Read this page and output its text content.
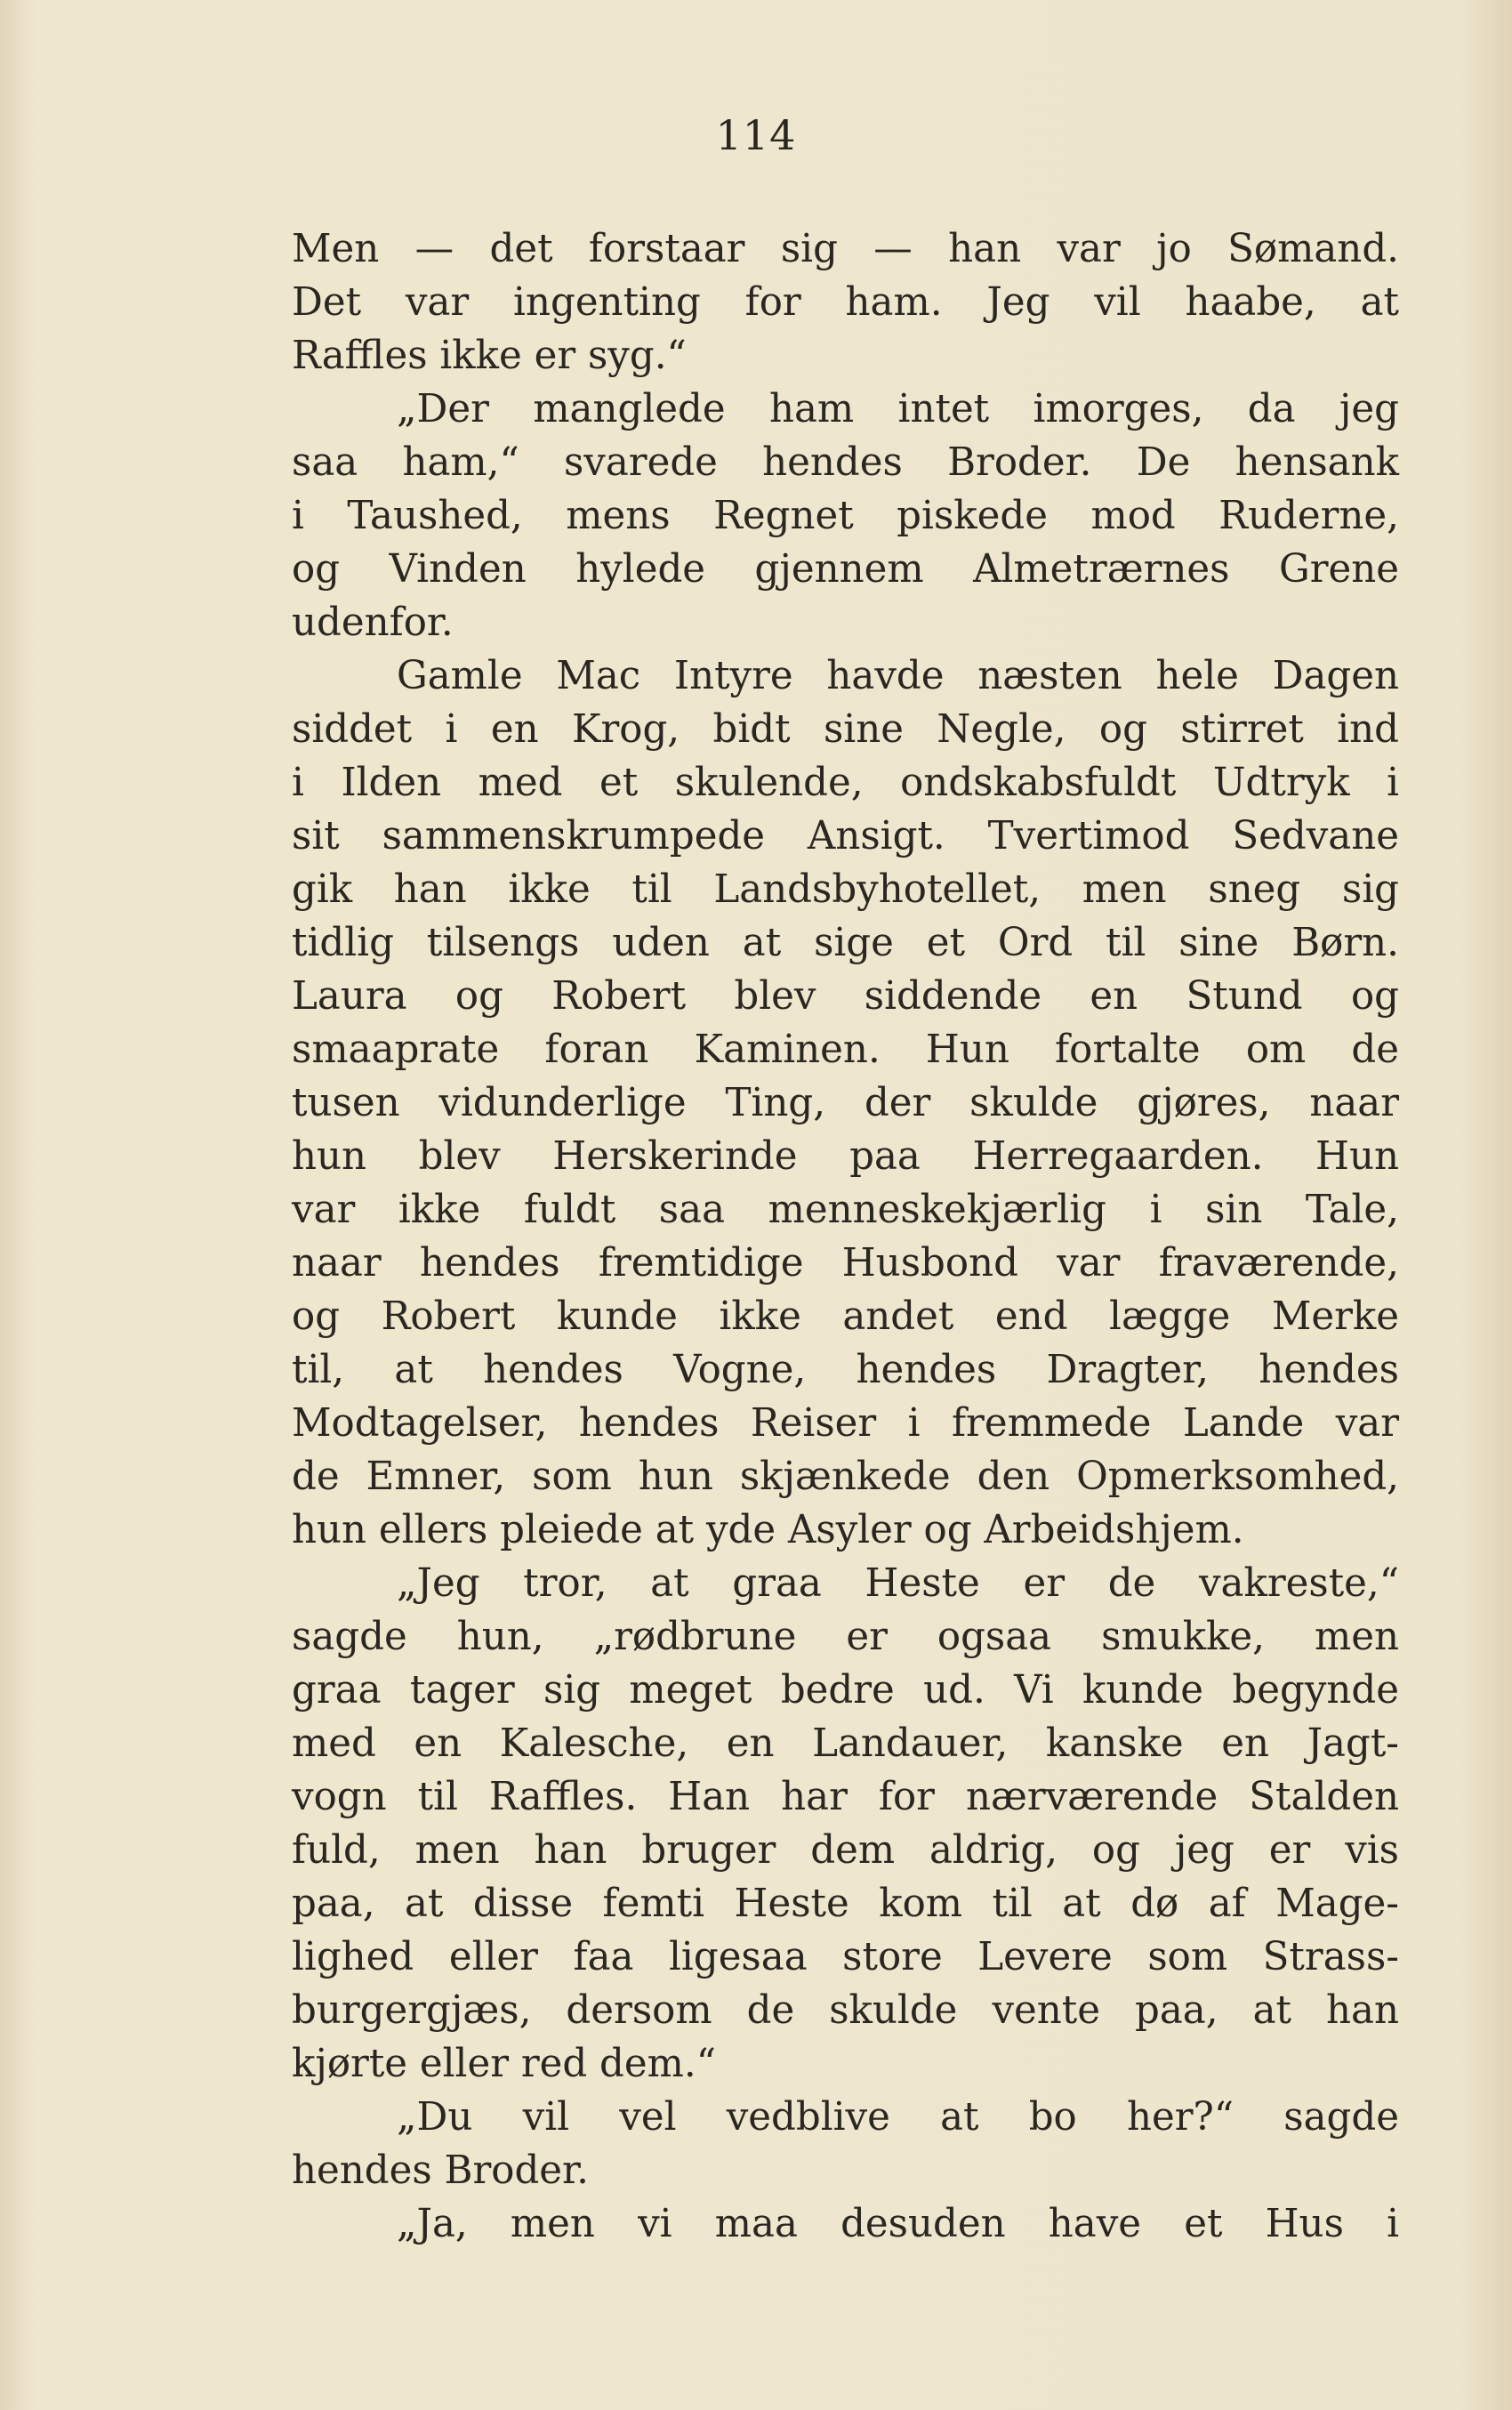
114
Men — det forstaar sig — han var jo Sømand.
Det var ingenting for ham. Jeg vil haabe, at
Raffles ikke er syg.“
„Der manglede ham intet imorges, da jeg
saa ham,“ svarede hendes Broder. De hensank
i Taushed, mens Regnet piskede mod Ruderne,
og Vinden hylede gjennem Almetrærnes Grene
udenfor.
Gamle Mac Intyre havde næsten hele Dagen
siddet i en Krog, bidt sine Negle, og stirret ind
i Ilden med et skulende, ondskabsfuldt Udtryk i
sit sammenskrumpede Ansigt. Tvertimod Sedvane
gik han ikke til Landsbyhotellet, men sneg sig
tidlig tilsengs uden at sige et Ord til sine Børn.
Laura og Robert blev siddende en Stund og
smaaprate foran Kaminen. Hun fortalte om de
tusen vidunderlige Ting, der skulde gjøres, naar
hun blev Herskerinde paa Herregaarden. Hun
var ikke fuldt saa menneskekjærlig i sin Tale,
naar hendes fremtidige Husbond var fraværende,
og Robert kunde ikke andet end lægge Merke
til, at hendes Vogne, hendes Dragter, hendes
Modtagelser, hendes Reiser i fremmede Lande var
de Emner, som hun skjænkede den Opmerksomhed,
hun ellers pleiede at yde Asyler og Arbeidshjem.
„Jeg tror, at graa Heste er de vakreste,“
sagde hun, „rødbrune er ogsaa smukke, men
graa tager sig meget bedre ud. Vi kunde begynde
med en Kalesche, en Landauer, kanske en Jagt-
vogn til Raffles. Han har for nærværende Stalden
fuld, men han bruger dem aldrig, og jeg er vis
paa, at disse femti Heste kom til at dø af Mage-
lighed eller faa ligesaa store Levere som Strass-
burgergjæs, dersom de skulde vente paa, at han
kjørte eller red dem.“
„Du vil vel vedblive at bo her?“ sagde
hendes Broder.
„Ja, men vi maa desuden have et Hus i
